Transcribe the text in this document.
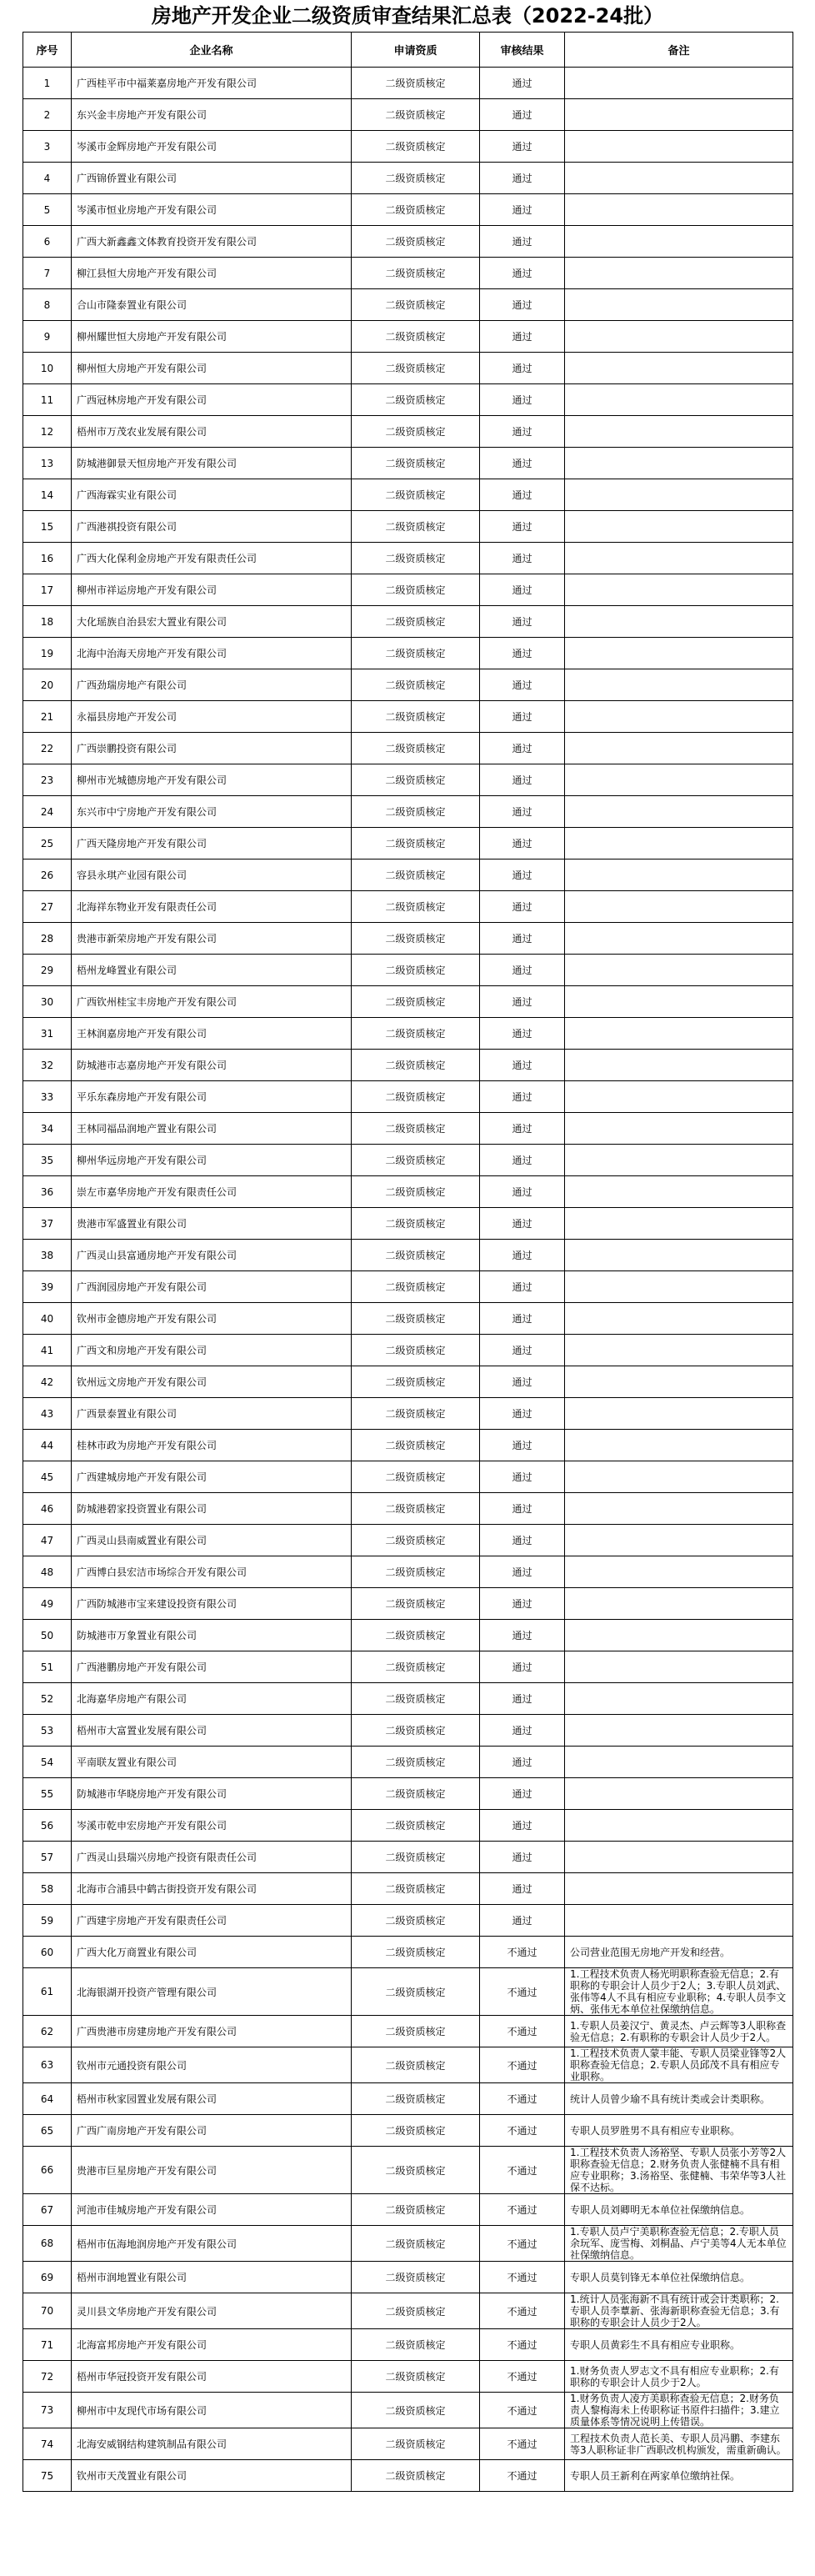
房地产开发企业二级资质审查结果汇总表（2022-24批）
序号	企业名称	申请资质	审核结果	备注
1	广西桂平市中福莱嘉房地产开发有限公司	二级资质核定	通过	
2	东兴金丰房地产开发有限公司	二级资质核定	通过	
3	岑溪市金辉房地产开发有限公司	二级资质核定	通过	
4	广西锦侨置业有限公司	二级资质核定	通过	
5	岑溪市恒业房地产开发有限公司	二级资质核定	通过	
6	广西大新鑫鑫文体教育投资开发有限公司	二级资质核定	通过	
7	柳江县恒大房地产开发有限公司	二级资质核定	通过	
8	合山市隆泰置业有限公司	二级资质核定	通过	
9	柳州耀世恒大房地产开发有限公司	二级资质核定	通过	
10	柳州恒大房地产开发有限公司	二级资质核定	通过	
11	广西冠林房地产开发有限公司	二级资质核定	通过	
12	梧州市万茂农业发展有限公司	二级资质核定	通过	
13	防城港御景天恒房地产开发有限公司	二级资质核定	通过	
14	广西海霖实业有限公司	二级资质核定	通过	
15	广西港祺投资有限公司	二级资质核定	通过	
16	广西大化保利金房地产开发有限责任公司	二级资质核定	通过	
17	柳州市祥运房地产开发有限公司	二级资质核定	通过	
18	大化瑶族自治县宏大置业有限公司	二级资质核定	通过	
19	北海中治海天房地产开发有限公司	二级资质核定	通过	
20	广西劲瑞房地产有限公司	二级资质核定	通过	
21	永福县房地产开发公司	二级资质核定	通过	
22	广西崇鹏投资有限公司	二级资质核定	通过	
23	柳州市光城德房地产开发有限公司	二级资质核定	通过	
24	东兴市中宁房地产开发有限公司	二级资质核定	通过	
25	广西天隆房地产开发有限公司	二级资质核定	通过	
26	容县永琪产业园有限公司	二级资质核定	通过	
27	北海祥东物业开发有限责任公司	二级资质核定	通过	
28	贵港市新荣房地产开发有限公司	二级资质核定	通过	
29	梧州龙峰置业有限公司	二级资质核定	通过	
30	广西钦州桂宝丰房地产开发有限公司	二级资质核定	通过	
31	王林润嘉房地产开发有限公司	二级资质核定	通过	
32	防城港市志嘉房地产开发有限公司	二级资质核定	通过	
33	平乐东森房地产开发有限公司	二级资质核定	通过	
34	王林同福品润地产置业有限公司	二级资质核定	通过	
35	柳州华远房地产开发有限公司	二级资质核定	通过	
36	崇左市嘉华房地产开发有限责任公司	二级资质核定	通过	
37	贵港市军盛置业有限公司	二级资质核定	通过	
38	广西灵山县富通房地产开发有限公司	二级资质核定	通过	
39	广西润园房地产开发有限公司	二级资质核定	通过	
40	钦州市金德房地产开发有限公司	二级资质核定	通过	
41	广西文和房地产开发有限公司	二级资质核定	通过	
42	钦州远文房地产开发有限公司	二级资质核定	通过	
43	广西景泰置业有限公司	二级资质核定	通过	
44	桂林市政为房地产开发有限公司	二级资质核定	通过	
45	广西建城房地产开发有限公司	二级资质核定	通过	
46	防城港碧家投资置业有限公司	二级资质核定	通过	
47	广西灵山县南威置业有限公司	二级资质核定	通过	
48	广西博白县宏洁市场综合开发有限公司	二级资质核定	通过	
49	广西防城港市宝来建设投资有限公司	二级资质核定	通过	
50	防城港市万象置业有限公司	二级资质核定	通过	
51	广西港鹏房地产开发有限公司	二级资质核定	通过	
52	北海嘉华房地产有限公司	二级资质核定	通过	
53	梧州市大富置业发展有限公司	二级资质核定	通过	
54	平南联友置业有限公司	二级资质核定	通过	
55	防城港市华晓房地产开发有限公司	二级资质核定	通过	
56	岑溪市乾申宏房地产开发有限公司	二级资质核定	通过	
57	广西灵山县瑞兴房地产投资有限责任公司	二级资质核定	通过	
58	北海市合浦县中鹤古街投资开发有限公司	二级资质核定	通过	
59	广西建宇房地产开发有限责任公司	二级资质核定	通过	
60	广西大化万商置业有限公司	二级资质核定	不通过	公司营业范围无房地产开发和经营。
61	北海银湖开投资产管理有限公司	二级资质核定	不通过	1.工程技术负责人杨光明职称查验无信息；2.有职称的专职会计人员少于2人；3.专职人员刘武、张伟等4人不具有相应专业职称；4.专职人员李文炳、张伟无本单位社保缴纳信息。
62	广西贵港市房建房地产开发有限公司	二级资质核定	不通过	1.专职人员姜汉宁、黄灵杰、卢云辉等3人职称查验无信息；2.有职称的专职会计人员少于2人。
63	钦州市元通投资有限公司	二级资质核定	不通过	1.工程技术负责人蒙丰能、专职人员梁业锋等2人职称查验无信息；2.专职人员邱茂不具有相应专业职称。
64	梧州市秋家园置业发展有限公司	二级资质核定	不通过	统计人员曾少瑜不具有统计类或会计类职称。
65	广西广南房地产开发有限公司	二级资质核定	不通过	专职人员罗胜男不具有相应专业职称。
66	贵港市巨星房地产开发有限公司	二级资质核定	不通过	1.工程技术负责人汤裕坚、专职人员张小芳等2人职称查验无信息；2.财务负责人张健楠不具有相应专业职称；3.汤裕坚、张健楠、韦荣华等3人社保不达标。
67	河池市佳城房地产开发有限公司	二级资质核定	不通过	专职人员刘卿明无本单位社保缴纳信息。
68	梧州市伍海地润房地产开发有限公司	二级资质核定	不通过	1.专职人员卢宁美职称查验无信息；2.专职人员余玩军、庞雪梅、刘桐晶、卢宁美等4人无本单位社保缴纳信息。
69	梧州市润地置业有限公司	二级资质核定	不通过	专职人员莫钊锋无本单位社保缴纳信息。
70	灵川县文华房地产开发有限公司	二级资质核定	不通过	1.统计人员张海新不具有统计或会计类职称；2.专职人员李蕈新、张海新职称查验无信息；3.有职称的专职会计人员少于2人。
71	北海富邦房地产开发有限公司	二级资质核定	不通过	专职人员黄彩生不具有相应专业职称。
72	梧州市华冠投资开发有限公司	二级资质核定	不通过	1.财务负责人罗志文不具有相应专业职称；2.有职称的专职会计人员少于2人。
73	柳州市中友现代市场有限公司	二级资质核定	不通过	1.财务负责人凌方美职称查验无信息；2.财务负责人黎梅海未上传职称证书原件扫描件；3.建立质量体系等情况说明上传错误。
74	北海安威钢结构建筑制品有限公司	二级资质核定	不通过	工程技术负责人范长美、专职人员冯鹏、李建东等3人职称证非广西职改机构颁发，需重新确认。
75	钦州市天茂置业有限公司	二级资质核定	不通过	专职人员王新利在两家单位缴纳社保。
